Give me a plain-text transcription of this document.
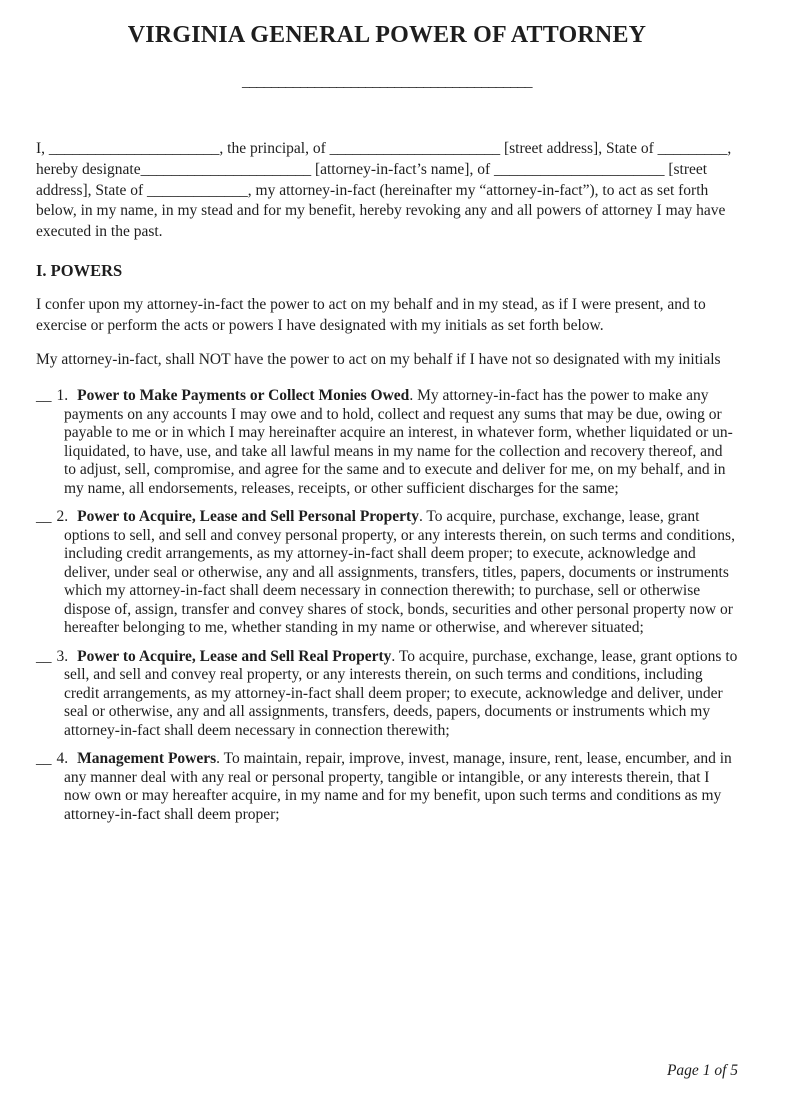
VIRGINIA GENERAL POWER OF ATTORNEY
________________________________________

I, ______________________, the principal, of ______________________ [street address], State of _________, hereby designate______________________ [attorney-in-fact’s name], of ______________________ [street address], State of _____________, my attorney-in-fact (hereinafter my “attorney-in-fact”), to act as set forth below, in my name, in my stead and for my benefit, hereby revoking any and all powers of attorney I may have executed in the past.

I. POWERS

I confer upon my attorney-in-fact the power to act on my behalf and in my stead, as if I were present, and to exercise or perform the acts or powers I have designated with my initials as set forth below.

My attorney-in-fact, shall NOT have the power to act on my behalf if I have not so designated with my initials

__ 1. Power to Make Payments or Collect Monies Owed. My attorney-in-fact has the power to make any payments on any accounts I may owe and to hold, collect and request any sums that may be due, owing or payable to me or in which I may hereinafter acquire an interest, in whatever form, whether liquidated or un-liquidated, to have, use, and take all lawful means in my name for the collection and recovery thereof, and to adjust, sell, compromise, and agree for the same and to execute and deliver for me, on my behalf, and in my name, all endorsements, releases, receipts, or other sufficient discharges for the same;
__ 2. Power to Acquire, Lease and Sell Personal Property. To acquire, purchase, exchange, lease, grant options to sell, and sell and convey personal property, or any interests therein, on such terms and conditions, including credit arrangements, as my attorney-in-fact shall deem proper; to execute, acknowledge and deliver, under seal or otherwise, any and all assignments, transfers, titles, papers, documents or instruments which my attorney-in-fact shall deem necessary in connection therewith; to purchase, sell or otherwise dispose of, assign, transfer and convey shares of stock, bonds, securities and other personal property now or hereafter belonging to me, whether standing in my name or otherwise, and wherever situated;
__ 3. Power to Acquire, Lease and Sell Real Property. To acquire, purchase, exchange, lease, grant options to sell, and sell and convey real property, or any interests therein, on such terms and conditions, including credit arrangements, as my attorney-in-fact shall deem proper; to execute, acknowledge and deliver, under seal or otherwise, any and all assignments, transfers, deeds, papers, documents or instruments which my attorney-in-fact shall deem necessary in connection therewith;
__ 4. Management Powers. To maintain, repair, improve, invest, manage, insure, rent, lease, encumber, and in any manner deal with any real or personal property, tangible or intangible, or any interests therein, that I now own or may hereafter acquire, in my name and for my benefit, upon such terms and conditions as my attorney-in-fact shall deem proper;
Page 1 of 5
